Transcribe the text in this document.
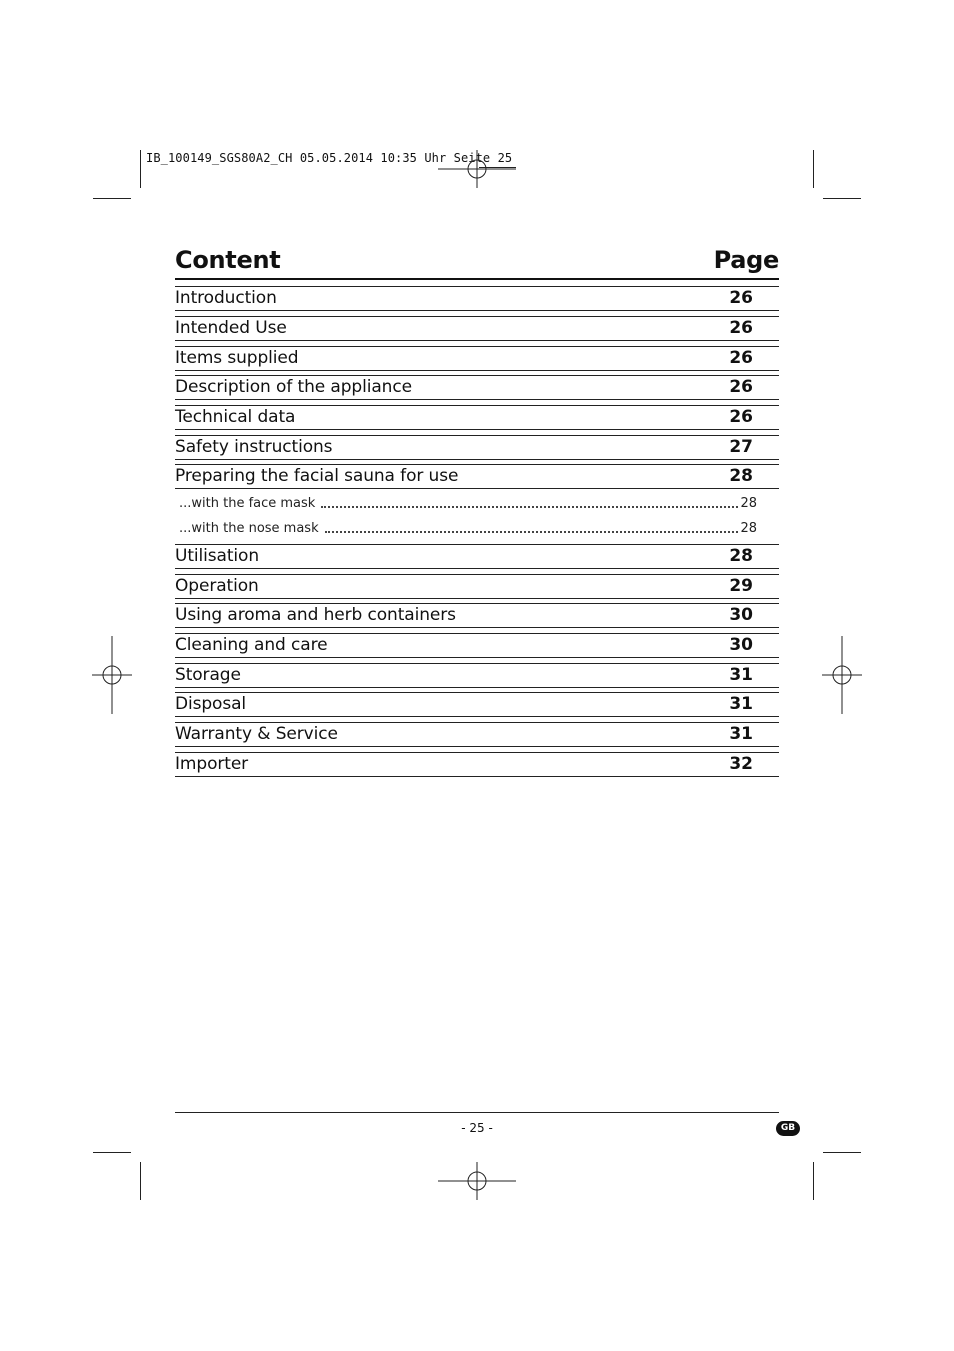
IB_100149_SGS80A2_CH 05.05.2014 10:35 Uhr Seite 25
Content	Page
Introduction	26
Intended Use	26
Items supplied	26
Description of the appliance	26
Technical data	26
Safety instructions	27
Preparing the facial sauna for use	28
...with the face mask	28
...with the nose mask	28
Utilisation	28
Operation	29
Using aroma and herb containers	30
Cleaning and care	30
Storage	31
Disposal	31
Warranty & Service	31
Importer	32
- 25 -	GB
